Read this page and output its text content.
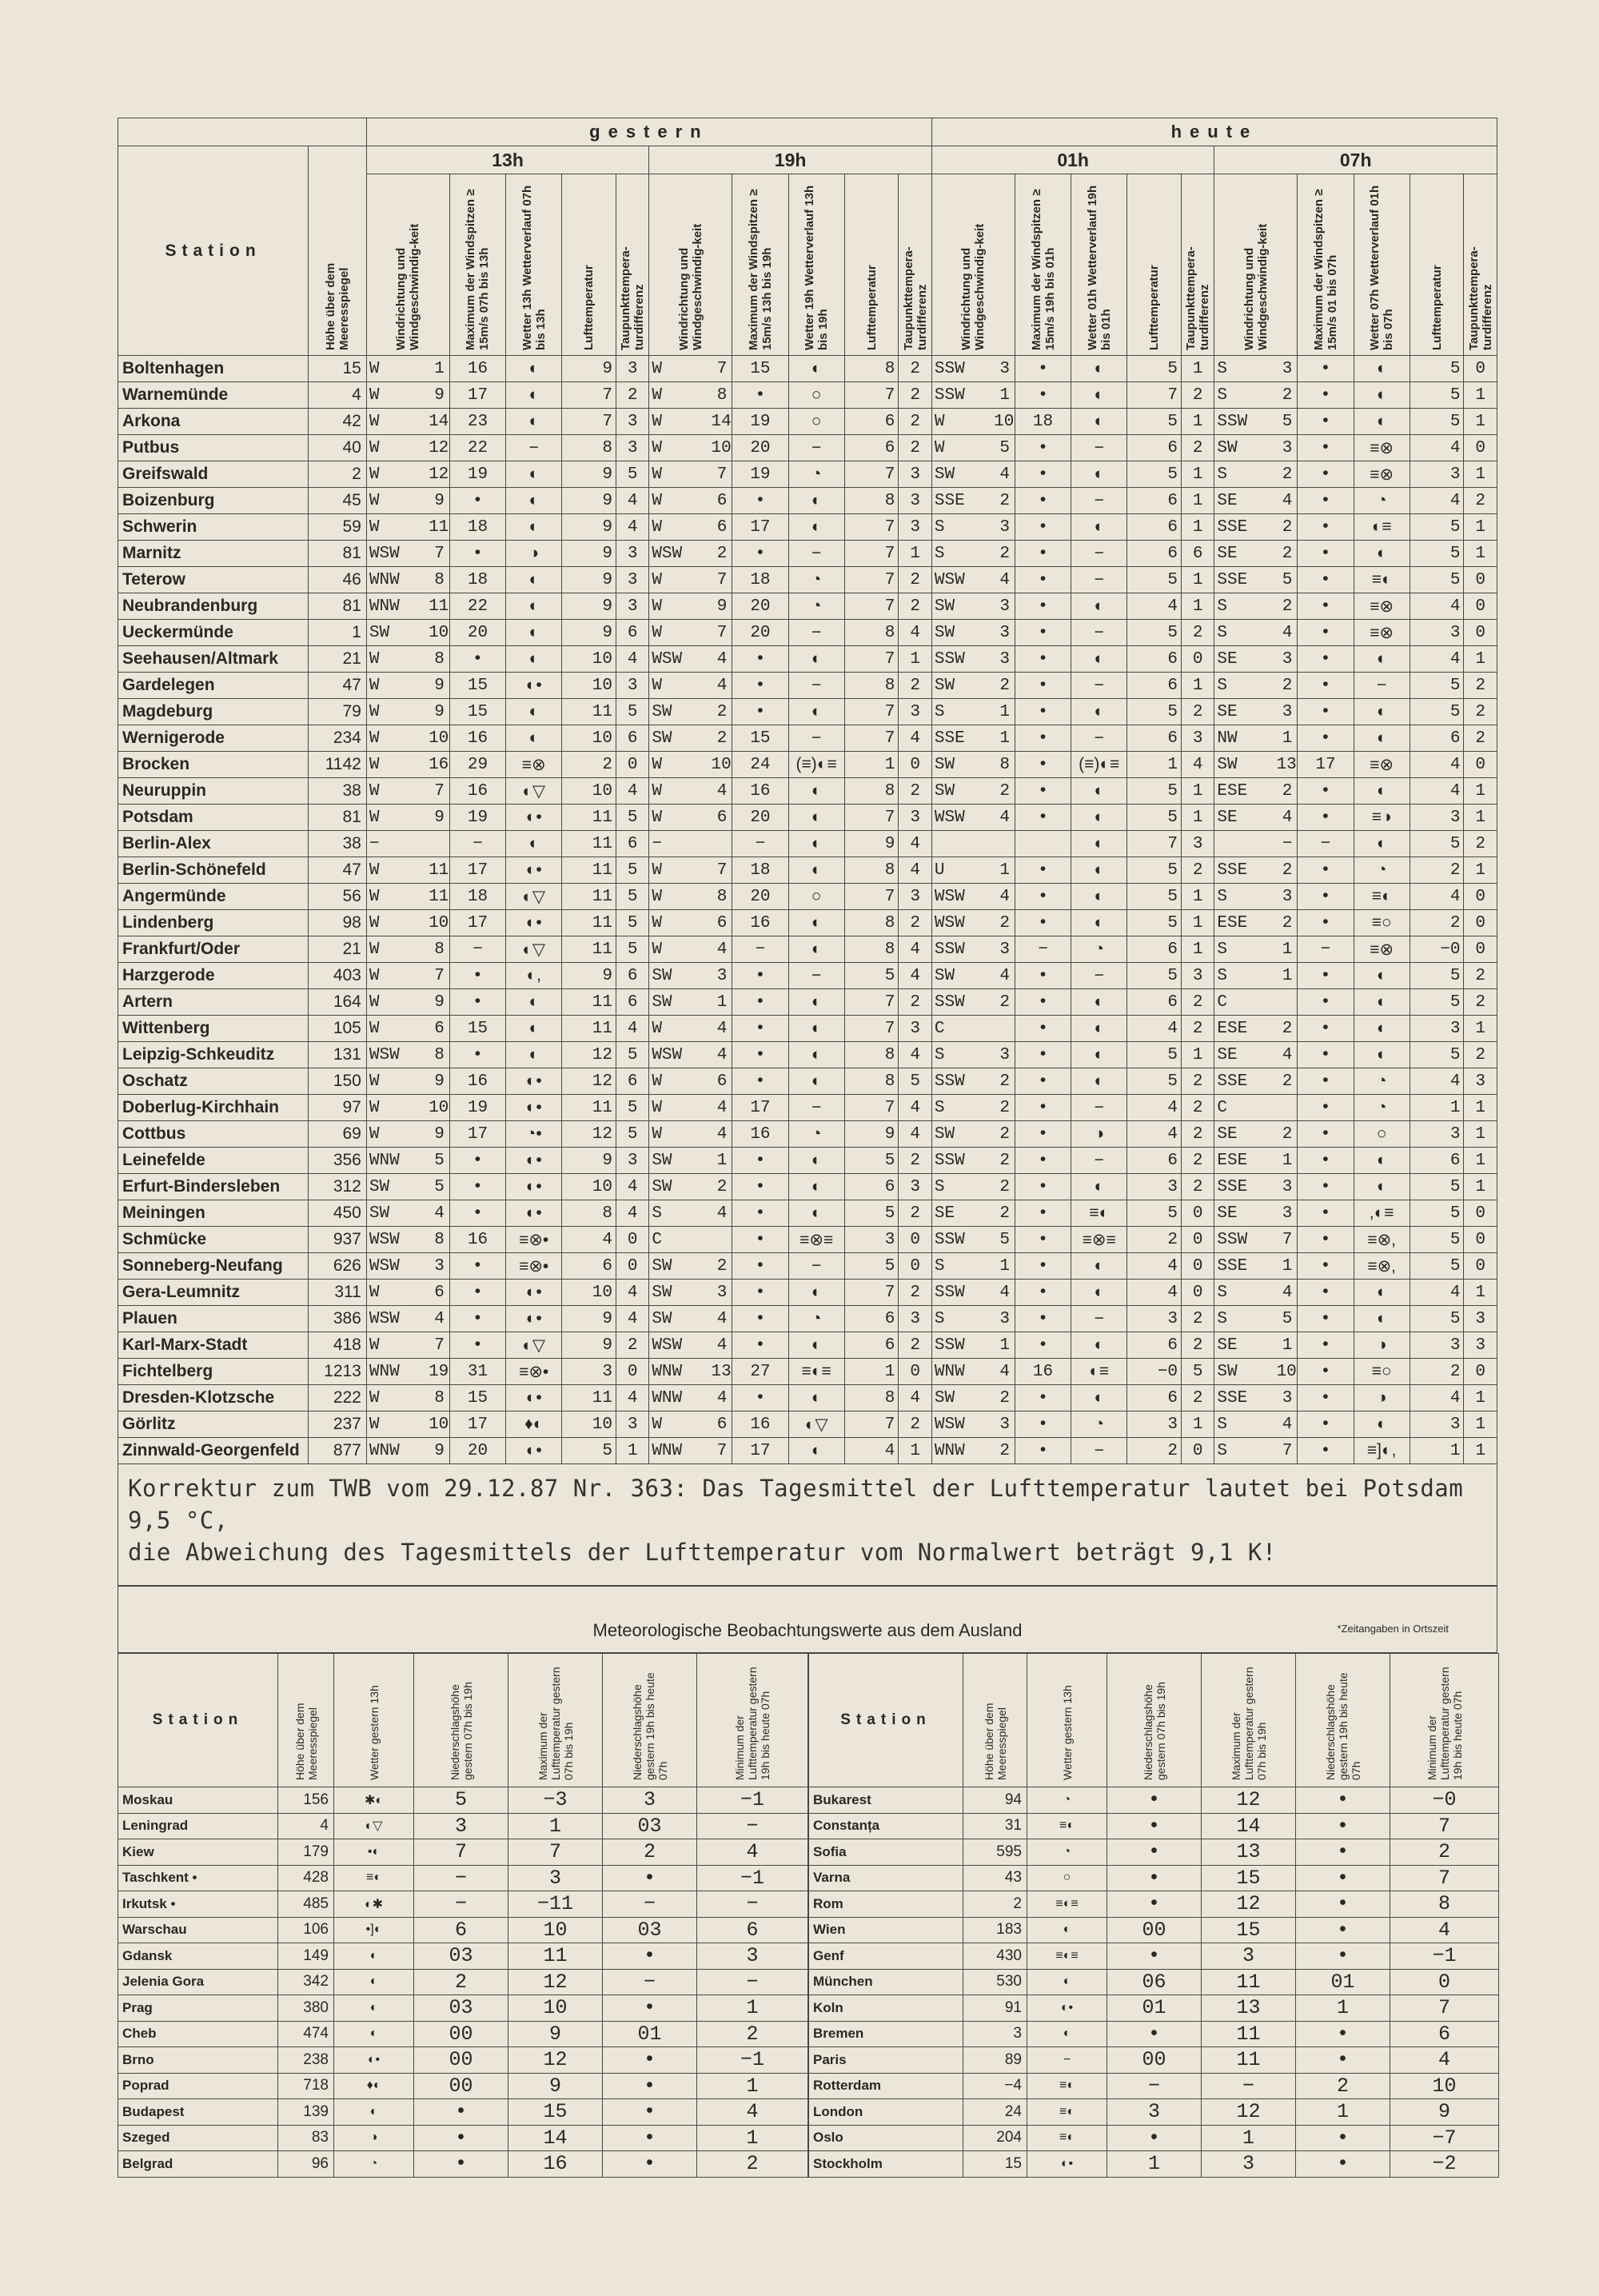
		gestern												heute											
Station	Höhe über dem Meeresspiegel	13h						19h						01h						07h					

		Windrichtung und Windgeschwindig-keit		Maximum der Windspitzen ≥ 15m/s 07h bis 13h	Wetter 13h Wetterverlauf 07h bis 13h	Lufttemperatur	Taupunkttempera-turdifferenz	Windrichtung und Windgeschwindig-keit		Maximum der Windspitzen ≥ 15m/s 13h bis 19h	Wetter 19h Wetterverlauf 13h bis 19h	Lufttemperatur	Taupunkttempera-turdifferenz	Windrichtung und Windgeschwindig-keit		Maximum der Windspitzen ≥ 15m/s 19h bis 01h	Wetter 01h Wetterverlauf 19h bis 01h	Lufttemperatur	Taupunkttempera-turdifferenz	Windrichtung und Windgeschwindig-keit		Maximum der Windspitzen ≥ 15m/s 01 bis 07h	Wetter 07h Wetterverlauf 01h bis 07h	Lufttemperatur	Taupunkttempera-turdifferenz

Boltenhagen	15	W	1	16	◐	9	3	W	7	15	◐	8	2	SSW	3	•	◐	5	1	S	3	•	◐	5	0
Warnemünde	4	W	9	17	◐	7	2	W	8	•	○	7	2	SSW	1	•	◐	7	2	S	2	•	◐	5	1
Arkona	42	W	14	23	◐	7	3	W	14	19	○	6	2	W	10	18	◐	5	1	SSW	5	•	◐	5	1
Putbus	40	W	12	22	−	8	3	W	10	20	−	6	2	W	5	•	−	6	2	SW	3	•	≡⊗	4	0
Greifswald	2	W	12	19	◐	9	5	W	7	19	◔	7	3	SW	4	•	◐	5	1	S	2	•	≡⊗	3	1
Boizenburg	45	W	9	•	◐	9	4	W	6	•	◐	8	3	SSE	2	•	−	6	1	SE	4	•	◔	4	2
Schwerin	59	W	11	18	◐	9	4	W	6	17	◐	7	3	S	3	•	◐	6	1	SSE	2	•	◐≡	5	1
Marnitz	81	WSW	7	•	◑	9	3	WSW	2	•	−	7	1	S	2	•	−	6	6	SE	2	•	◐	5	1
Teterow	46	WNW	8	18	◐	9	3	W	7	18	◔	7	2	WSW	4	•	−	5	1	SSE	5	•	≡◐	5	0
Neubrandenburg	81	WNW	11	22	◐	9	3	W	9	20	◔	7	2	SW	3	•	◐	4	1	S	2	•	≡⊗	4	0
Ueckermünde	1	SW	10	20	◐	9	6	W	7	20	−	8	4	SW	3	•	−	5	2	S	4	•	≡⊗	3	0
Seehausen/Altmark	21	W	8	•	◐	10	4	WSW	4	•	◐	7	1	SSW	3	•	◐	6	0	SE	3	•	◐	4	1
Gardelegen	47	W	9	15	◐•	10	3	W	4	•	−	8	2	SW	2	•	−	6	1	S	2	•	−	5	2
Magdeburg	79	W	9	15	◐	11	5	SW	2	•	◐	7	3	S	1	•	◐	5	2	SE	3	•	◐	5	2
Wernigerode	234	W	10	16	◐	10	6	SW	2	15	−	7	4	SSE	1	•	−	6	3	NW	1	•	◐	6	2
Brocken	1142	W	16	29	≡⊗	2	0	W	10	24	(≡)◐≡	1	0	SW	8	•	(≡)◐≡	1	4	SW	13	17	≡⊗	4	0
Neuruppin	38	W	7	16	◐▽	10	4	W	4	16	◐	8	2	SW	2	•	◐	5	1	ESE	2	•	◐	4	1
Potsdam	81	W	9	19	◐•	11	5	W	6	20	◐	7	3	WSW	4	•	◐	5	1	SE	4	•	≡◑	3	1
Berlin-Alex	38	−		−	◐	11	6	−		−	◐	9	4				◐	7	3		−	−	◐	5	2
Berlin-Schönefeld	47	W	11	17	◐•	11	5	W	7	18	◐	8	4	U	1	•	◐	5	2	SSE	2	•	◔	2	1
Angermünde	56	W	11	18	◐▽	11	5	W	8	20	○	7	3	WSW	4	•	◐	5	1	S	3	•	≡◐	4	0
Lindenberg	98	W	10	17	◐•	11	5	W	6	16	◐	8	2	WSW	2	•	◐	5	1	ESE	2	•	≡○	2	0
Frankfurt/Oder	21	W	8	−	◐▽	11	5	W	4	−	◐	8	4	SSW	3	−	◔	6	1	S	1	−	≡⊗	−0	0
Harzgerode	403	W	7	•	◐,	9	6	SW	3	•	−	5	4	SW	4	•	−	5	3	S	1	•	◐	5	2
Artern	164	W	9	•	◐	11	6	SW	1	•	◐	7	2	SSW	2	•	◐	6	2	C		•	◐	5	2
Wittenberg	105	W	6	15	◐	11	4	W	4	•	◐	7	3	C		•	◐	4	2	ESE	2	•	◐	3	1
Leipzig-Schkeuditz	131	WSW	8	•	◐	12	5	WSW	4	•	◐	8	4	S	3	•	◐	5	1	SE	4	•	◐	5	2
Oschatz	150	W	9	16	◐•	12	6	W	6	•	◐	8	5	SSW	2	•	◐	5	2	SSE	2	•	◔	4	3
Doberlug-Kirchhain	97	W	10	19	◐•	11	5	W	4	17	−	7	4	S	2	•	−	4	2	C		•	◔	1	1
Cottbus	69	W	9	17	◔•	12	5	W	4	16	◔	9	4	SW	2	•	◑	4	2	SE	2	•	○	3	1
Leinefelde	356	WNW	5	•	◐•	9	3	SW	1	•	◐	5	2	SSW	2	•	−	6	2	ESE	1	•	◐	6	1
Erfurt-Bindersleben	312	SW	5	•	◐•	10	4	SW	2	•	◐	6	3	S	2	•	◐	3	2	SSE	3	•	◐	5	1
Meiningen	450	SW	4	•	◐•	8	4	S	4	•	◐	5	2	SE	2	•	≡◐	5	0	SE	3	•	,◐≡	5	0
Schmücke	937	WSW	8	16	≡⊗•	4	0	C		•	≡⊗≡	3	0	SSW	5	•	≡⊗≡	2	0	SSW	7	•	≡⊗,	5	0
Sonneberg-Neufang	626	WSW	3	•	≡⊗•	6	0	SW	2	•	−	5	0	S	1	•	◐	4	0	SSE	1	•	≡⊗,	5	0
Gera-Leumnitz	311	W	6	•	◐•	10	4	SW	3	•	◐	7	2	SSW	4	•	◐	4	0	S	4	•	◐	4	1
Plauen	386	WSW	4	•	◐•	9	4	SW	4	•	◔	6	3	S	3	•	−	3	2	S	5	•	◐	5	3
Karl-Marx-Stadt	418	W	7	•	◐▽	9	2	WSW	4	•	◐	6	2	SSW	1	•	◐	6	2	SE	1	•	◑	3	3
Fichtelberg	1213	WNW	19	31	≡⊗•	3	0	WNW	13	27	≡◐≡	1	0	WNW	4	16	◐≡	−0	5	SW	10	•	≡○	2	0
Dresden-Klotzsche	222	W	8	15	◐•	11	4	WNW	4	•	◐	8	4	SW	2	•	◐	6	2	SSE	3	•	◑	4	1
Görlitz	237	W	10	17	♦◐	10	3	W	6	16	◐▽	7	2	WSW	3	•	◔	3	1	S	4	•	◐	3	1
Zinnwald-Georgenfeld	877	WNW	9	20	◐•	5	1	WNW	7	17	◐	4	1	WNW	2	•	−	2	0	S	7	•	≡]◐,	1	1
Korrektur zum TWB vom 29.12.87 Nr. 363: Das Tagesmittel der Lufttemperatur lautet bei Potsdam 9,5 °C,
die Abweichung des Tagesmittels der Lufttemperatur vom Normalwert beträgt 9,1 K!
Meteorologische Beobachtungswerte aus dem Ausland	*Zeitangaben in Ortszeit
Station	Höhe über dem Meeresspiegel	Wetter gestern 13h	Niederschlagshöhe gestern 07h bis 19h	Maximum der Lufttemperatur gestern 07h bis 19h	Niederschlagshöhe gestern 19h bis heute 07h	Minimum der Lufttemperatur gestern 19h bis heute 07h

Moskau	156	✱◐	5	−3	3	−1
Leningrad	4	◐▽	3	1	03	−
Kiew	179	•◐	7	7	2	4
Taschkent •	428	≡◐	−	3	•	−1
Irkutsk •	485	◐✱	−	−11	−	−
Warschau	106	•]◐	6	10	03	6
Gdansk	149	◐	03	11	•	3
Jelenia Gora	342	◐	2	12	−	−
Prag	380	◐	03	10	•	1
Cheb	474	◐	00	9	01	2
Brno	238	◐•	00	12	•	−1
Poprad	718	♦◐	00	9	•	1
Budapest	139	◐	•	15	•	4
Szeged	83	◑	•	14	•	1
Belgrad	96	◔	•	16	•	2
Station	Höhe über dem Meeresspiegel	Wetter gestern 13h	Niederschlagshöhe gestern 07h bis 19h	Maximum der Lufttemperatur gestern 07h bis 19h	Niederschlagshöhe gestern 19h bis heute 07h	Minimum der Lufttemperatur gestern 19h bis heute 07h

Bukarest	94	◔	•	12	•	−0
Constanța	31	≡◐	•	14	•	7
Sofia	595	◔	•	13	•	2
Varna	43	○	•	15	•	7
Rom	2	≡◐≡	•	12	•	8
Wien	183	◐	00	15	•	4
Genf	430	≡◐≡	•	3	•	−1
München	530	◐	06	11	01	0
Koln	91	◐•	01	13	1	7
Bremen	3	◐	•	11	•	6
Paris	89	−	00	11	•	4
Rotterdam	−4	≡◐	−	−	2	10
London	24	≡◐	3	12	1	9
Oslo	204	≡◐	•	1	•	−7
Stockholm	15	◐•	1	3	•	−2
